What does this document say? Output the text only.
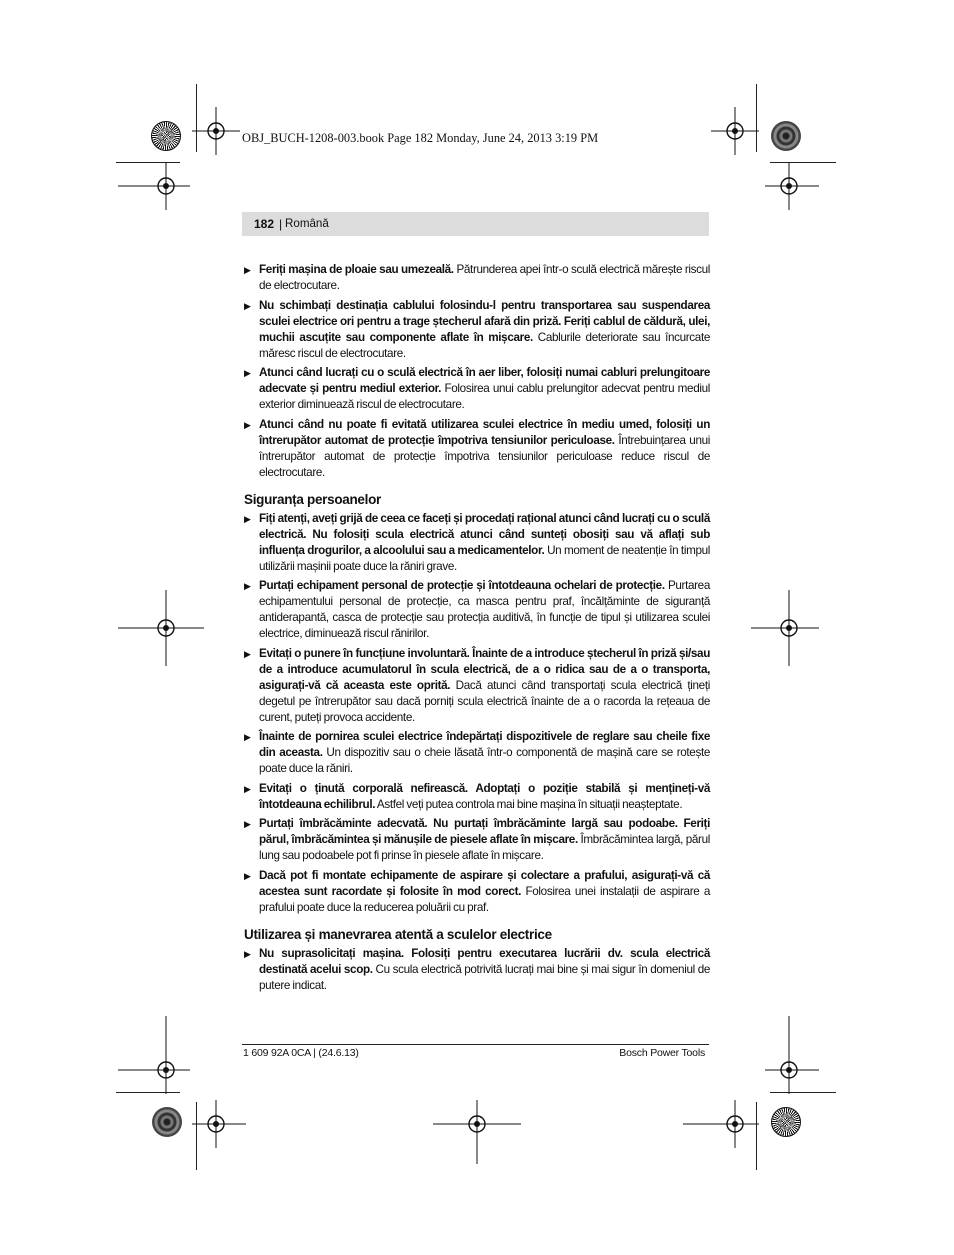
OBJ_BUCH-1208-003.book Page 182 Monday, June 24, 2013 3:19 PM
182 | Română
▶ Feriți mașina de ploaie sau umezeală. Pătrunderea apei într-o sculă electrică mărește riscul de electrocutare.
▶ Nu schimbați destinația cablului folosindu-l pentru transportarea sau suspendarea sculei electrice ori pentru a trage ștecherul afară din priză. Feriți cablul de căldură, ulei, muchii ascuțite sau componente aflate în mișcare. Cablurile deteriorate sau încurcate măresc riscul de electrocutare.
▶ Atunci când lucrați cu o sculă electrică în aer liber, folosiți numai cabluri prelungitoare adecvate și pentru mediul exterior. Folosirea unui cablu prelungitor adecvat pentru mediul exterior diminuează riscul de electrocutare.
▶ Atunci când nu poate fi evitată utilizarea sculei electrice în mediu umed, folosiți un întrerupător automat de protecție împotriva tensiunilor periculoase. Întrebuințarea unui întrerupător automat de protecție împotriva tensiunilor periculoase reduce riscul de electrocutare.
Siguranța persoanelor
▶ Fiți atenți, aveți grijă de ceea ce faceți și procedați rațional atunci când lucrați cu o sculă electrică. Nu folosiți scula electrică atunci când sunteți obosiți sau vă aflați sub influența drogurilor, a alcoolului sau a medicamentelor. Un moment de neatenție în timpul utilizării mașinii poate duce la răniri grave.
▶ Purtați echipament personal de protecție și întotdeauna ochelari de protecție. Purtarea echipamentului personal de protecție, ca masca pentru praf, încălțăminte de siguranță antiderapantă, casca de protecție sau protecția auditivă, în funcție de tipul și utilizarea sculei electrice, diminuează riscul rănirilor.
▶ Evitați o punere în funcțiune involuntară. Înainte de a introduce ștecherul în priză și/sau de a introduce acumulatorul în scula electrică, de a o ridica sau de a o transporta, asigurați-vă că aceasta este oprită. Dacă atunci când transportați scula electrică țineți degetul pe întrerupător sau dacă porniți scula electrică înainte de a o racorda la rețeaua de curent, puteți provoca accidente.
▶ Înainte de pornirea sculei electrice îndepărtați dispozitivele de reglare sau cheile fixe din aceasta. Un dispozitiv sau o cheie lăsată într-o componentă de mașină care se rotește poate duce la răniri.
▶ Evitați o ținută corporală nefirească. Adoptați o poziție stabilă și mențineți-vă întotdeauna echilibrul. Astfel veți putea controla mai bine mașina în situații neașteptate.
▶ Purtați îmbrăcăminte adecvată. Nu purtați îmbrăcăminte largă sau podoabe. Feriți părul, îmbrăcămintea și mănușile de piesele aflate în mișcare. Îmbrăcămintea largă, părul lung sau podoabele pot fi prinse în piesele aflate în mișcare.
▶ Dacă pot fi montate echipamente de aspirare și colectare a prafului, asigurați-vă că acestea sunt racordate și folosite în mod corect. Folosirea unei instalații de aspirare a prafului poate duce la reducerea poluării cu praf.
Utilizarea și manevrarea atentă a sculelor electrice
▶ Nu suprasolicitați mașina. Folosiți pentru executarea lucrării dv. scula electrică destinată acelui scop. Cu scula electrică potrivită lucrați mai bine și mai sigur în domeniul de putere indicat.
1 609 92A 0CA | (24.6.13)	Bosch Power Tools
